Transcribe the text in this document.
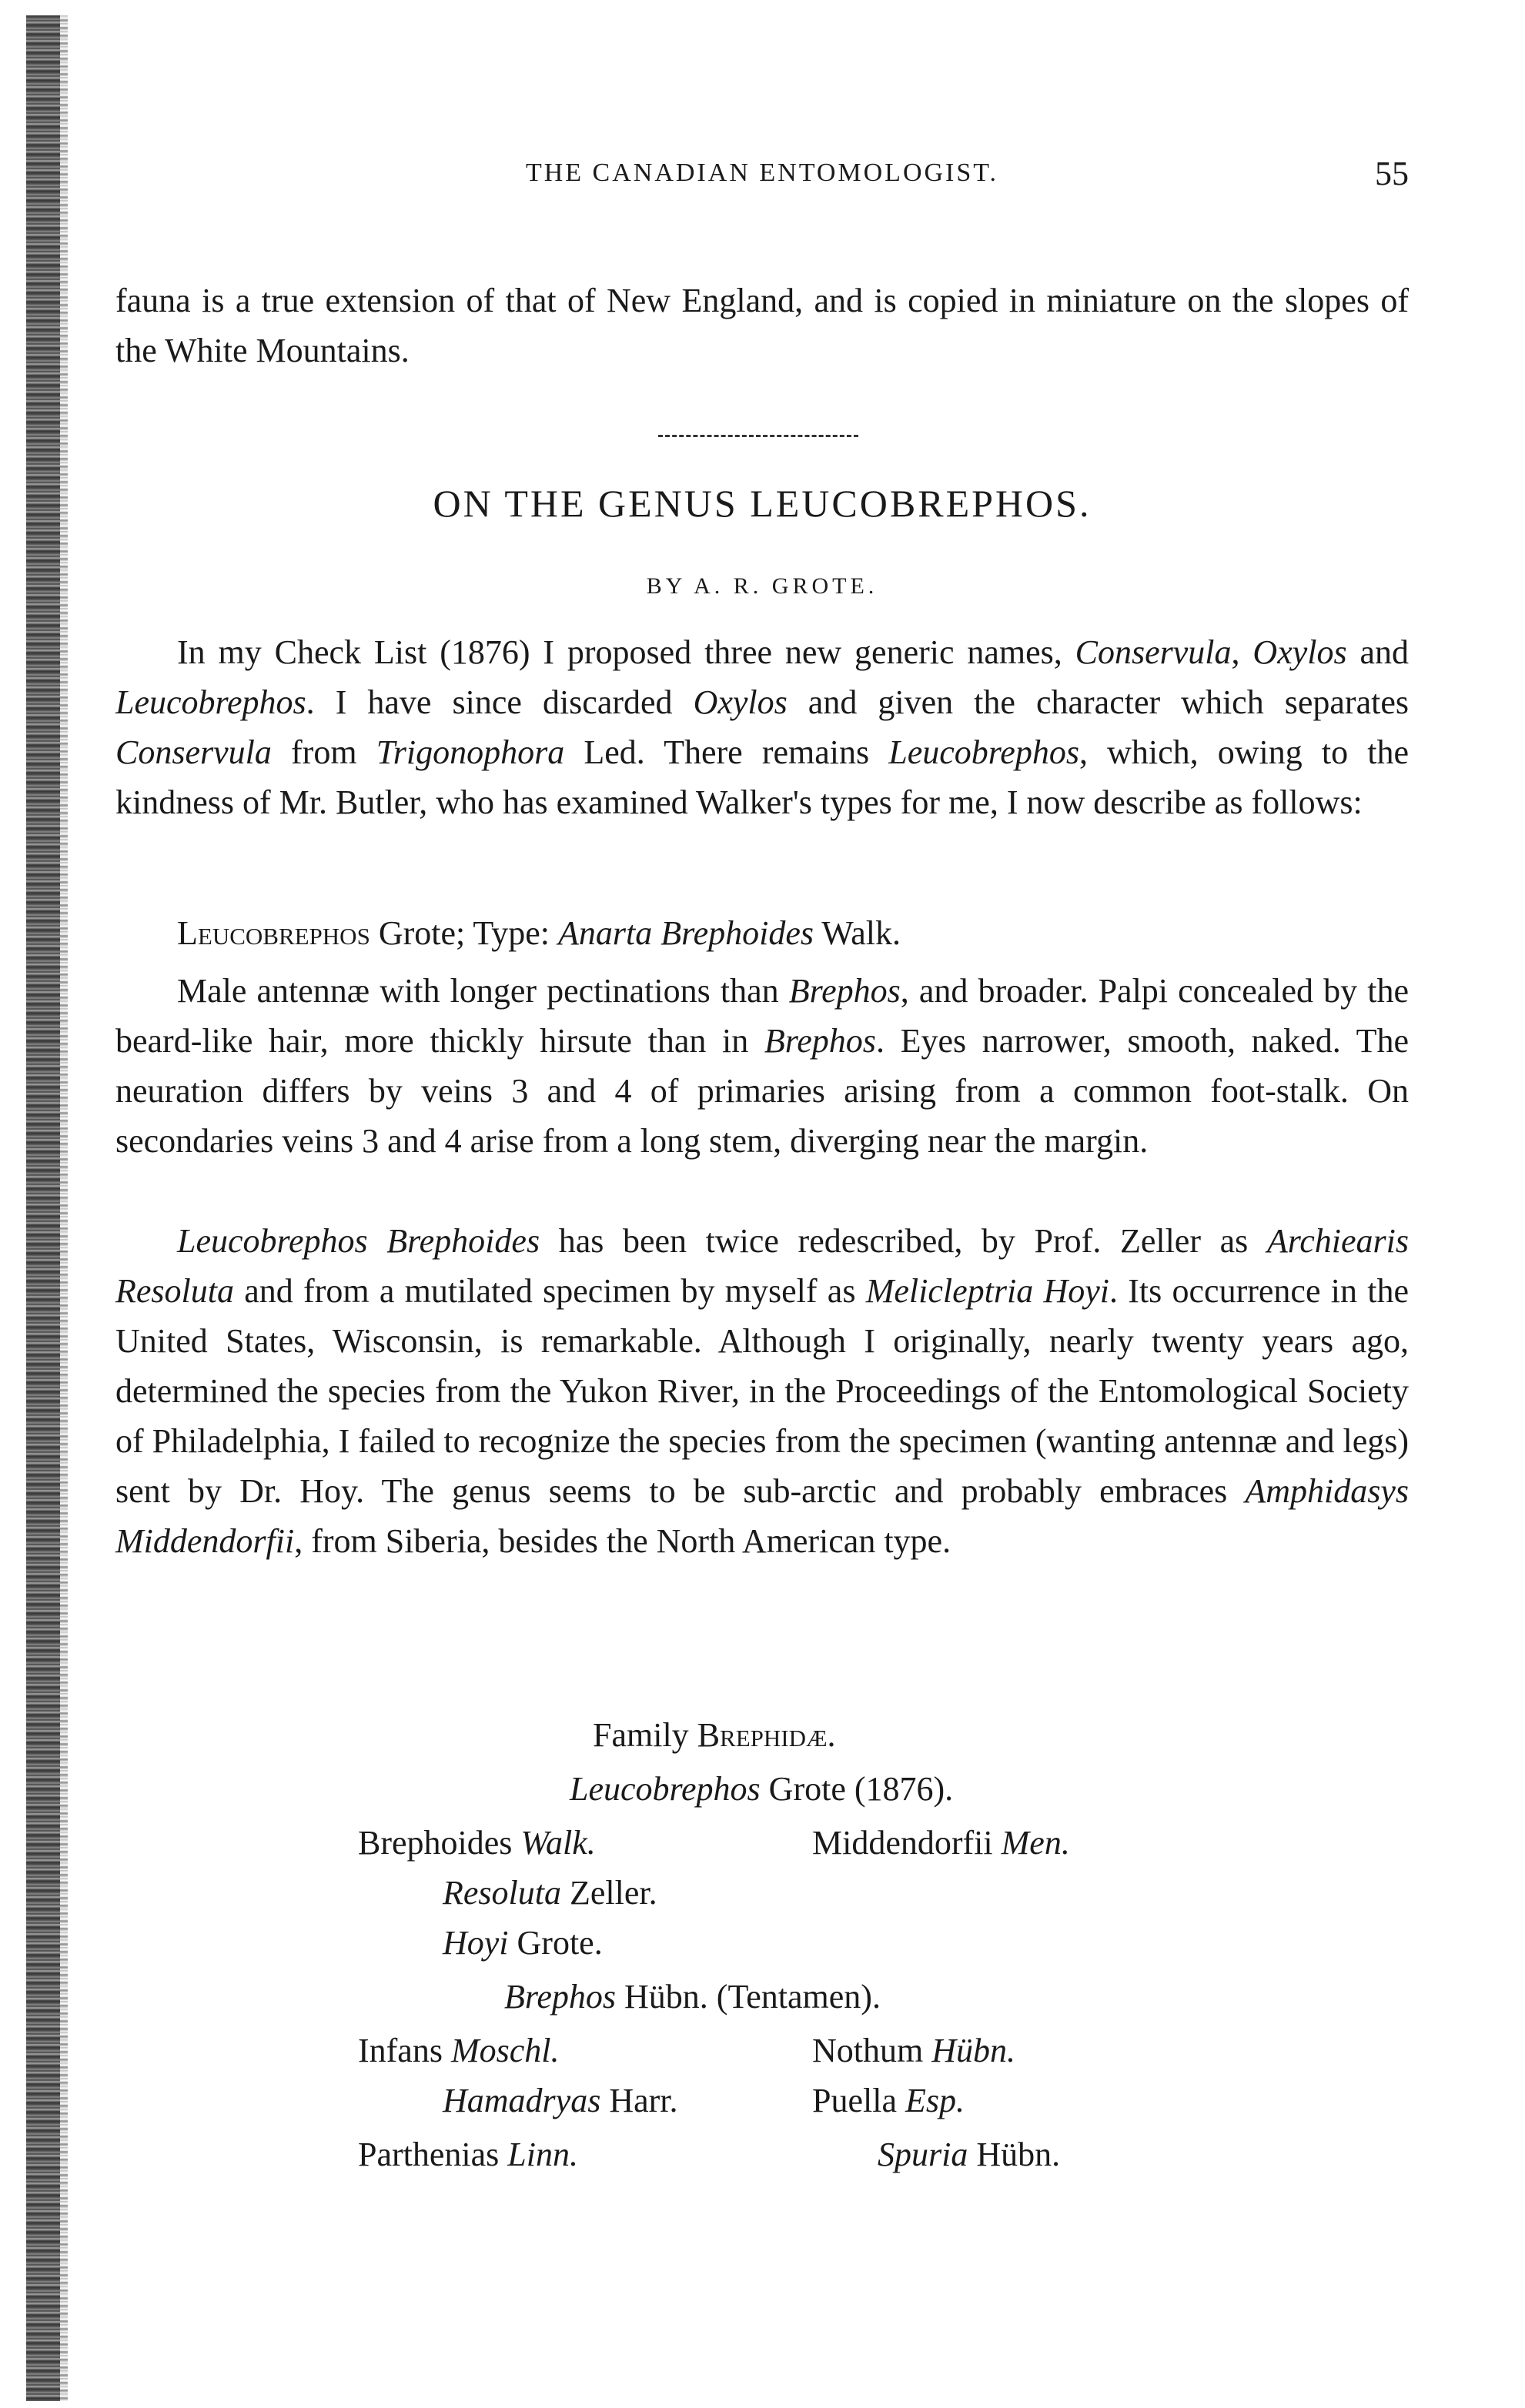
THE CANADIAN ENTOMOLOGIST.	55

fauna is a true extension of that of New England, and is copied in miniature on the slopes of the White Mountains.

ON THE GENUS LEUCOBREPHOS.
BY A. R. GROTE.

In my Check List (1876) I proposed three new generic names, Conservula, Oxylos and Leucobrephos. I have since discarded Oxylos and given the character which separates Conservula from Trigonophora Led. There remains Leucobrephos, which, owing to the kindness of Mr. Butler, who has examined Walker's types for me, I now describe as follows:

Leucobrephos Grote; Type: Anarta Brephoides Walk.

Male antennæ with longer pectinations than Brephos, and broader. Palpi concealed by the beard-like hair, more thickly hirsute than in Brephos. Eyes narrower, smooth, naked. The neuration differs by veins 3 and 4 of primaries arising from a common foot-stalk. On secondaries veins 3 and 4 arise from a long stem, diverging near the margin.

Leucobrephos Brephoides has been twice redescribed, by Prof. Zeller as Archiearis Resoluta and from a mutilated specimen by myself as Melicleptria Hoyi. Its occurrence in the United States, Wisconsin, is remarkable. Although I originally, nearly twenty years ago, determined the species from the Yukon River, in the Proceedings of the Entomological Society of Philadelphia, I failed to recognize the species from the specimen (wanting antennæ and legs) sent by Dr. Hoy. The genus seems to be sub-arctic and probably embraces Amphidasys Middendorfii, from Siberia, besides the North American type.

Family Brephidæ.
Leucobrephos Grote (1876).
Brephoides Walk.	Middendorfii Men.
Resoluta Zeller.
Hoyi Grote.
Brephos Hübn. (Tentamen).
Infans Moschl.	Nothum Hübn.
Hamadryas Harr.	Puella Esp.
Parthenias Linn.	Spuria Hübn.
